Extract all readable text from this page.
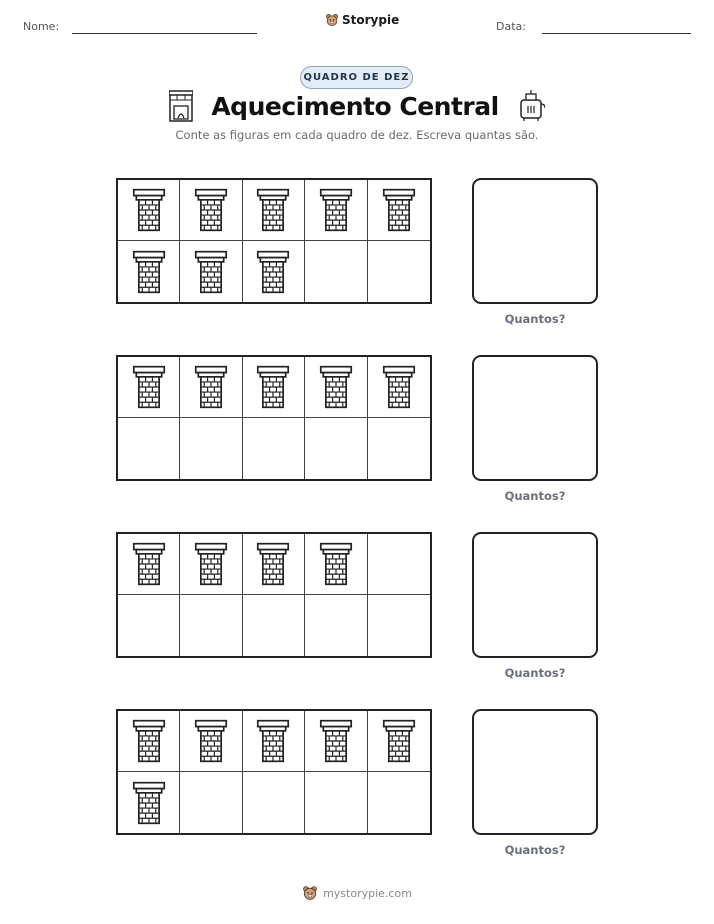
Nome:	Storypie	Data:
QUADRO DE DEZ
Aquecimento Central
Conte as figuras em cada quadro de dez. Escreva quantas são.
Quantos?
Quantos?
Quantos?
Quantos?
mystorypie.com
